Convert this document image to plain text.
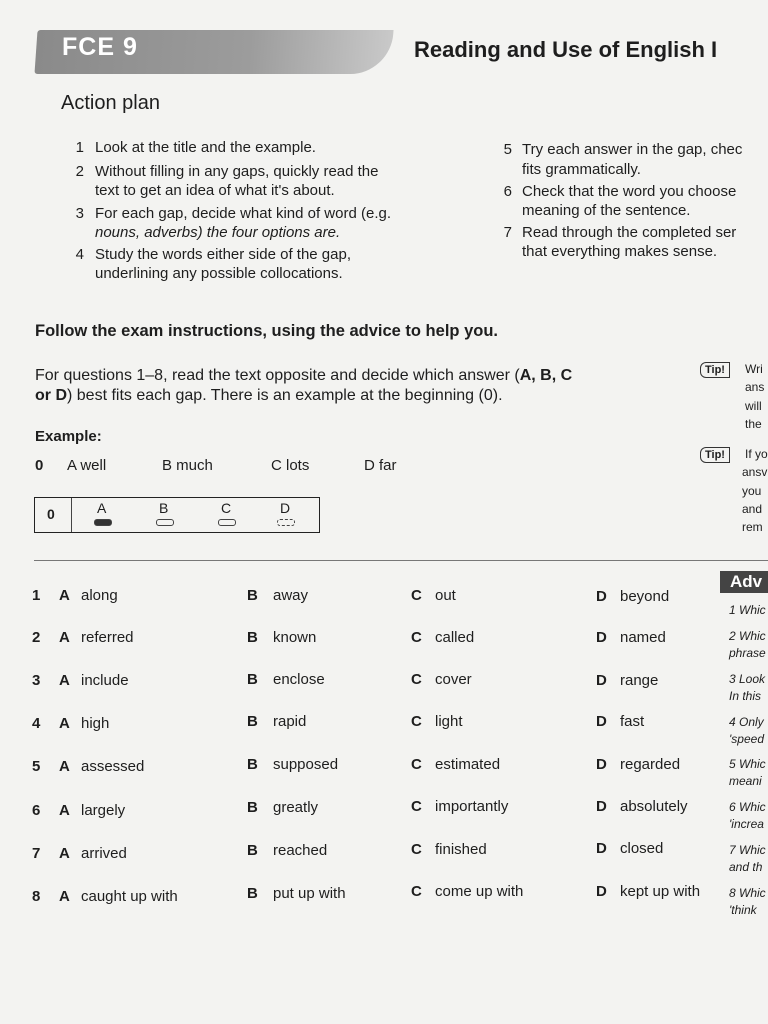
FCE 9	Reading and Use of English I
Action plan
1 Look at the title and the example.
2 Without filling in any gaps, quickly read the
text to get an idea of what it's about.
3 For each gap, decide what kind of word (e.g.
nouns, adverbs) the four options are.
4 Study the words either side of the gap,
underlining any possible collocations.
5 Try each answer in the gap, chec
fits grammatically.
6 Check that the word you choose
meaning of the sentence.
7 Read through the completed ser
that everything makes sense.
Follow the exam instructions, using the advice to help you.
For questions 1–8, read the text opposite and decide which answer (A, B, C
or D) best fits each gap. There is an example at the beginning (0).
Tip!	Wri
ans
will
the
Tip!	If yo
ansv
you
and
rem
Example:
0 A well	B much	C lots	D far
0	A	B	C	D
1 A along	B away	C out	D beyond
2 A referred	B known	C called	D named
3 A include	B enclose	C cover	D range
4 A high	B rapid	C light	D fast
5 A assessed	B supposed	C estimated	D regarded
6 A largely	B greatly	C importantly	D absolutely
7 A arrived	B reached	C finished	D closed
8 A caught up with	B put up with	C come up with	D kept up with
Adv
1 Whic
2 Whic
phrase
3 Look
In this
4 Only
'speed
5 Whic
meani
6 Whic
'increa
7 Whic
and th
8 Whic
'think
